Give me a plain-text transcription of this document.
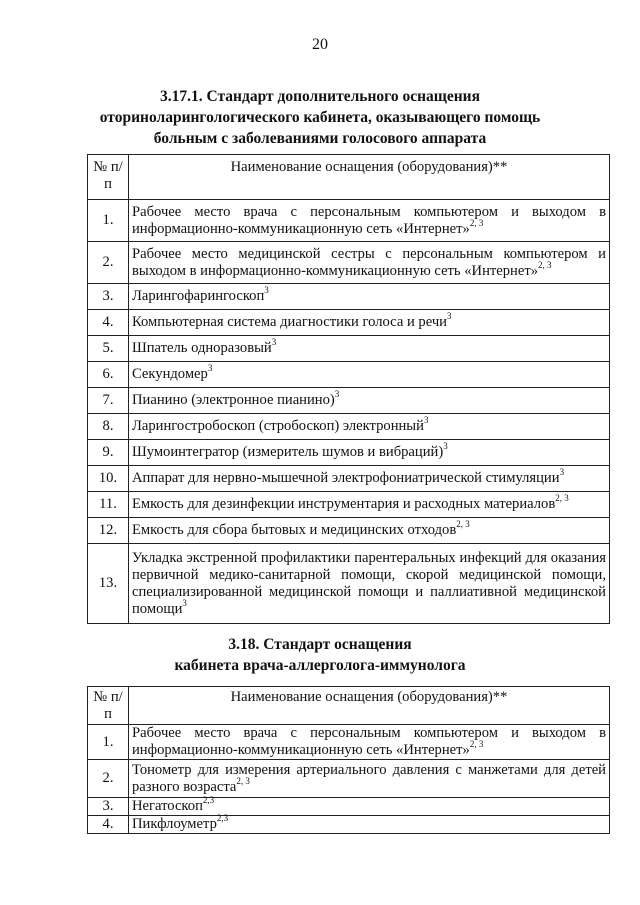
20
3.17.1. Стандарт дополнительного оснащения
оториноларингологического кабинета, оказывающего помощь
больным с заболеваниями голосового аппарата
№ п/п	Наименование оснащения (оборудования)**
1.	Рабочее место врача с персональным компьютером и выходом в информационно-коммуникационную сеть «Интернет»$^{2, 3}$
2.	Рабочее место медицинской сестры с персональным компьютером и выходом в информационно-коммуникационную сеть «Интернет»$^{2, 3}$
3.	Ларингофарингоскоп$^3$
4.	Компьютерная система диагностики голоса и речи$^3$
5.	Шпатель одноразовый$^3$
6.	Секундомер$^3$
7.	Пианино (электронное пианино)$^3$
8.	Ларингостробоскоп (стробоскоп) электронный$^3$
9.	Шумоинтегратор (измеритель шумов и вибраций)$^3$
10.	Аппарат для нервно-мышечной электрофониатрической стимуляции$^3$
11.	Емкость для дезинфекции инструментария и расходных материалов$^{2, 3}$
12.	Емкость для сбора бытовых и медицинских отходов$^{2, 3}$
13.	Укладка экстренной профилактики парентеральных инфекций для оказания первичной медико-санитарной помощи, скорой медицинской помощи, специализированной медицинской помощи и паллиативной медицинской помощи$^3$
3.18. Стандарт оснащения
кабинета врача-аллерголога-иммунолога
№ п/п	Наименование оснащения (оборудования)**
1.	Рабочее место врача с персональным компьютером и выходом в информационно-коммуникационную сеть «Интернет»$^{2, 3}$
2.	Тонометр для измерения артериального давления с манжетами для детей разного возраста$^{2, 3}$
3.	Негатоскоп$^{2,3}$
4.	Пикфлоуметр$^{2,3}$
